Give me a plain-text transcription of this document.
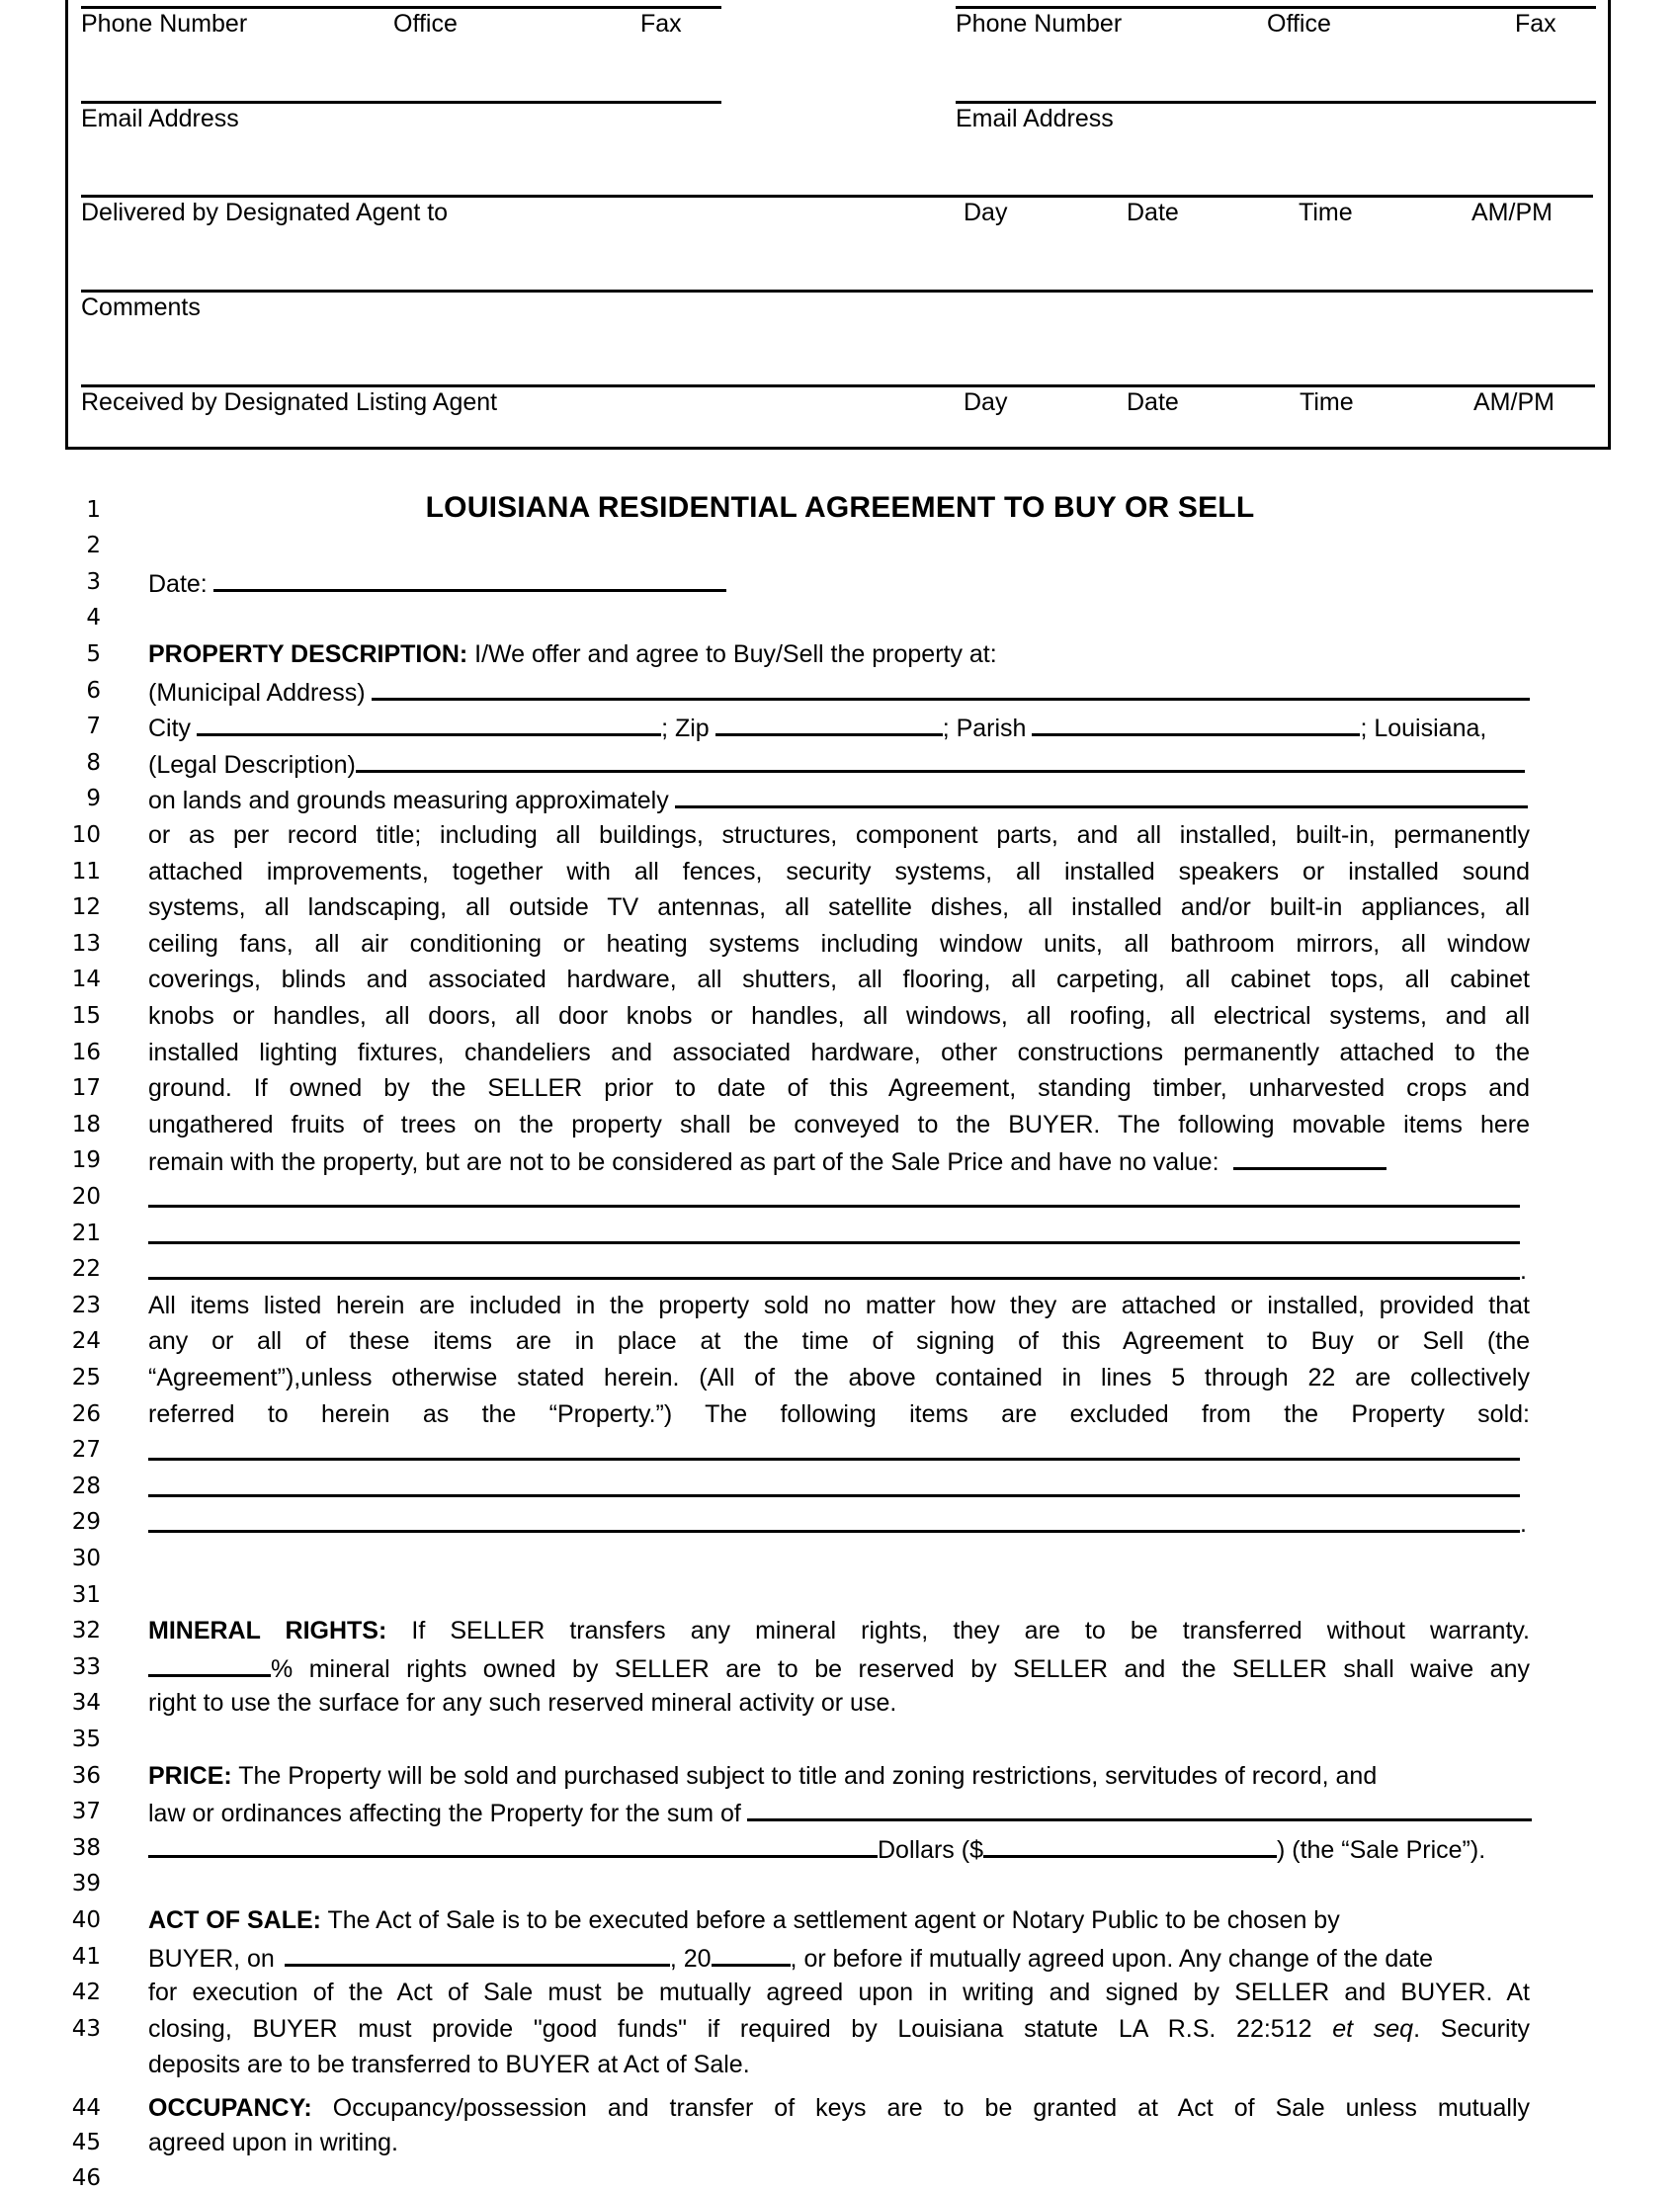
Phone Number	Office	Fax
Email Address
Phone Number	Office	Fax
Email Address
Delivered by Designated Agent to	Day	Date	Time	AM/PM
Comments
Received by Designated Listing Agent	Day	Date	Time	AM/PM
LOUISIANA RESIDENTIAL AGREEMENT TO BUY OR SELL
1
2
3
4
5
6
7
8
9
10
11
12
13
14
15
16
17
18
19
20
21
22
23
24
25
26
27
28
29
30
31
32
33
34
35
36
37
38
39
40
41
42
43
44
45
46
Date:
PROPERTY DESCRIPTION: I/We offer and agree to Buy/Sell the property at:
(Municipal Address)
City	; Zip	; Parish	; Louisiana,
(Legal Description)
on lands and grounds measuring approximately
or as per record title; including all buildings, structures, component parts, and all installed, built-in, permanently
attached improvements, together with all fences, security systems, all installed speakers or installed sound
systems, all landscaping, all outside TV antennas, all satellite dishes, all installed and/or built-in appliances, all
ceiling fans, all air conditioning or heating systems including window units, all bathroom mirrors, all window
coverings, blinds and associated hardware, all shutters, all flooring, all carpeting, all cabinet tops, all cabinet
knobs or handles, all doors, all door knobs or handles, all windows, all roofing, all electrical systems, and all
installed lighting fixtures, chandeliers and associated hardware, other constructions permanently attached to the
ground. If owned by the SELLER prior to date of this Agreement, standing timber, unharvested crops and
ungathered fruits of trees on the property shall be conveyed to the BUYER. The following movable items here
remain with the property, but are not to be considered as part of the Sale Price and have no value:
.
All items listed herein are included in the property sold no matter how they are attached or installed, provided that
any or all of these items are in place at the time of signing of this Agreement to Buy or Sell (the
“Agreement”),unless otherwise stated herein. (All of the above contained in lines 5 through 22 are collectively
referred to herein as the “Property.”) The following items are excluded from the Property sold:
.
MINERAL RIGHTS: If SELLER transfers any mineral rights, they are to be transferred without warranty.
% mineral rights owned by SELLER are to be reserved by SELLER and the SELLER shall waive any
right to use the surface for any such reserved mineral activity or use.
PRICE: The Property will be sold and purchased subject to title and zoning restrictions, servitudes of record, and
law or ordinances affecting the Property for the sum of
Dollars ($	) (the “Sale Price”).
ACT OF SALE: The Act of Sale is to be executed before a settlement agent or Notary Public to be chosen by
BUYER, on	, 20	, or before if mutually agreed upon. Any change of the date
for execution of the Act of Sale must be mutually agreed upon in writing and signed by SELLER and BUYER. At
closing, BUYER must provide "good funds" if required by Louisiana statute LA R.S. 22:512 et seq. Security
deposits are to be transferred to BUYER at Act of Sale.
OCCUPANCY: Occupancy/possession and transfer of keys are to be granted at Act of Sale unless mutually
agreed upon in writing.
